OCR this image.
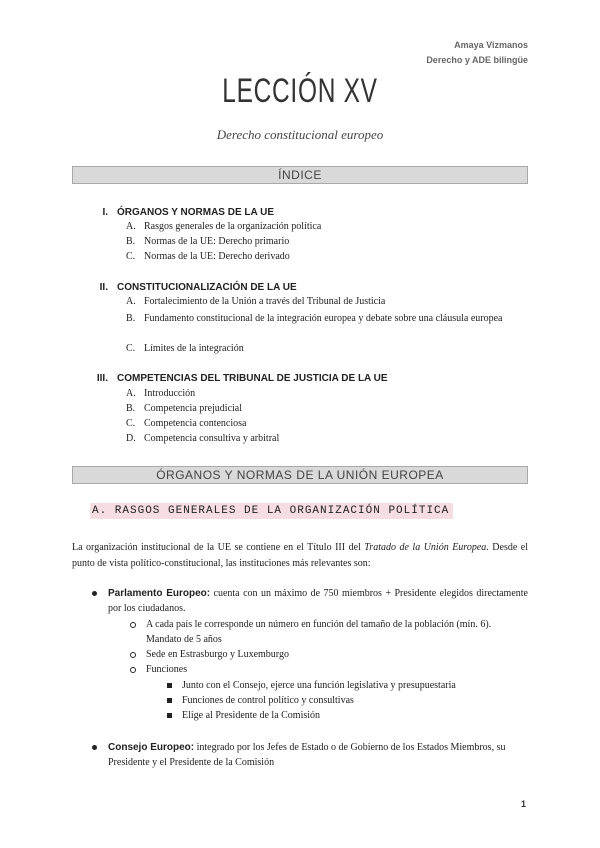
Amaya Vizmanos
Derecho y ADE bilingüe
LECCIÓN XV
Derecho constitucional europeo
ÍNDICE
I. ÓRGANOS Y NORMAS DE LA UE
A. Rasgos generales de la organización política
B. Normas de la UE: Derecho primario
C. Normas de la UE: Derecho derivado
II. CONSTITUCIONALIZACIÓN DE LA UE
A. Fortalecimiento de la Unión a través del Tribunal de Justicia
B. Fundamento constitucional de la integración europea y debate sobre una cláusula europea
C. Límites de la integración
III. COMPETENCIAS DEL TRIBUNAL DE JUSTICIA DE LA UE
A. Introducción
B. Competencia prejudicial
C. Competencia contenciosa
D. Competencia consultiva y arbitral
ÓRGANOS Y NORMAS DE LA UNIÓN EUROPEA
A. RASGOS GENERALES DE LA ORGANIZACIÓN POLÍTICA
La organización institucional de la UE se contiene en el Título III del Tratado de la Unión Europea. Desde el punto de vista político-constitucional, las instituciones más relevantes son:
Parlamento Europeo: cuenta con un máximo de 750 miembros + Presidente elegidos directamente por los ciudadanos.
A cada país le corresponde un número en función del tamaño de la población (mín. 6). Mandato de 5 años
Sede en Estrasburgo y Luxemburgo
Funciones
Junto con el Consejo, ejerce una función legislativa y presupuestaria
Funciones de control político y consultivas
Elige al Presidente de la Comisión
Consejo Europeo: integrado por los Jefes de Estado o de Gobierno de los Estados Miembros, su Presidente y el Presidente de la Comisión
1
